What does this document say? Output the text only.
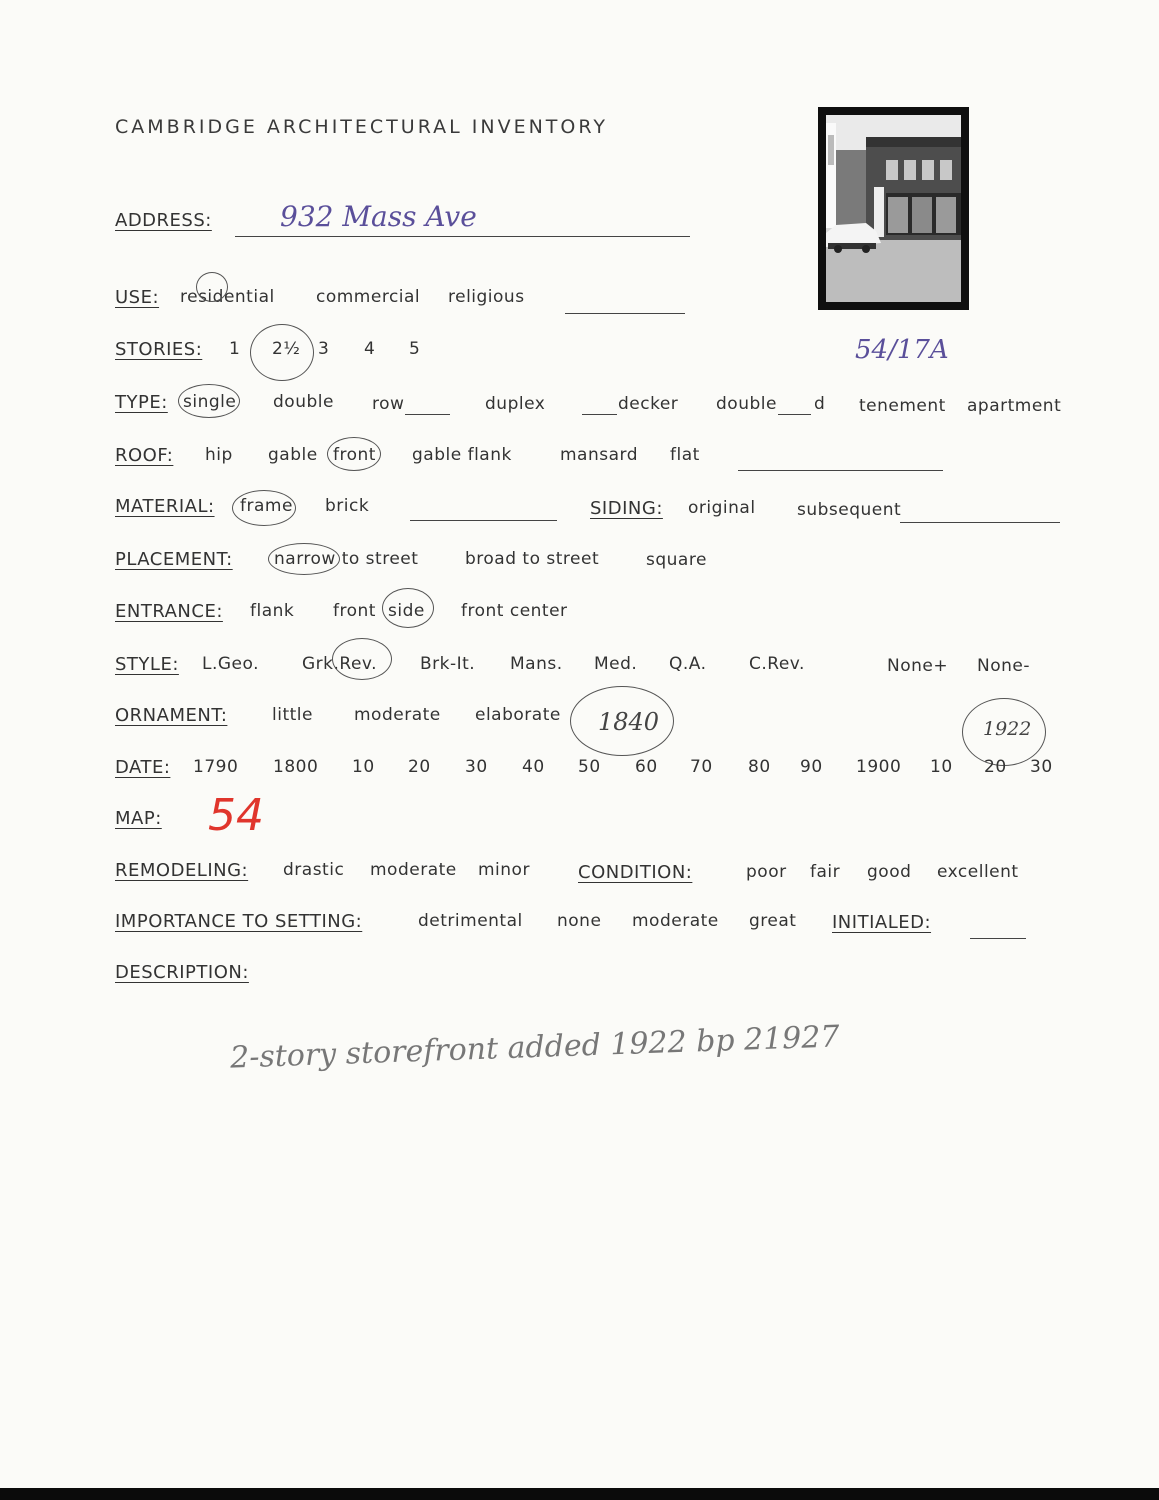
CAMBRIDGE ARCHITECTURAL INVENTORY
54/17A
ADDRESS: 932 Mass Ave
USE: residential commercial religious
STORIES: 1 2½ 3 4 5
TYPE: single double row	duplex	decker double d tenement apartment
ROOF: hip gable front gable flank	mansard flat
MATERIAL: frame brick	SIDING: original subsequent
PLACEMENT: narrow to street	broad to street	square
ENTRANCE: flank front side front center
STYLE: L.Geo.	Grk.Rev.	Brk-It. Mans. Med. Q.A. C.Rev.	None+ None-
ORNAMENT:	little moderate elaborate 1840	1922
DATE: 1790 1800 10 20 30 40 50 60 70 80 90 1900 10 20 30
MAP: 54
REMODELING: drastic moderate minor	CONDITION:	poor fair good excellent
IMPORTANCE TO SETTING:	detrimental none moderate great INITIALED:
DESCRIPTION:
2-story storefront added 1922 bp 21927
